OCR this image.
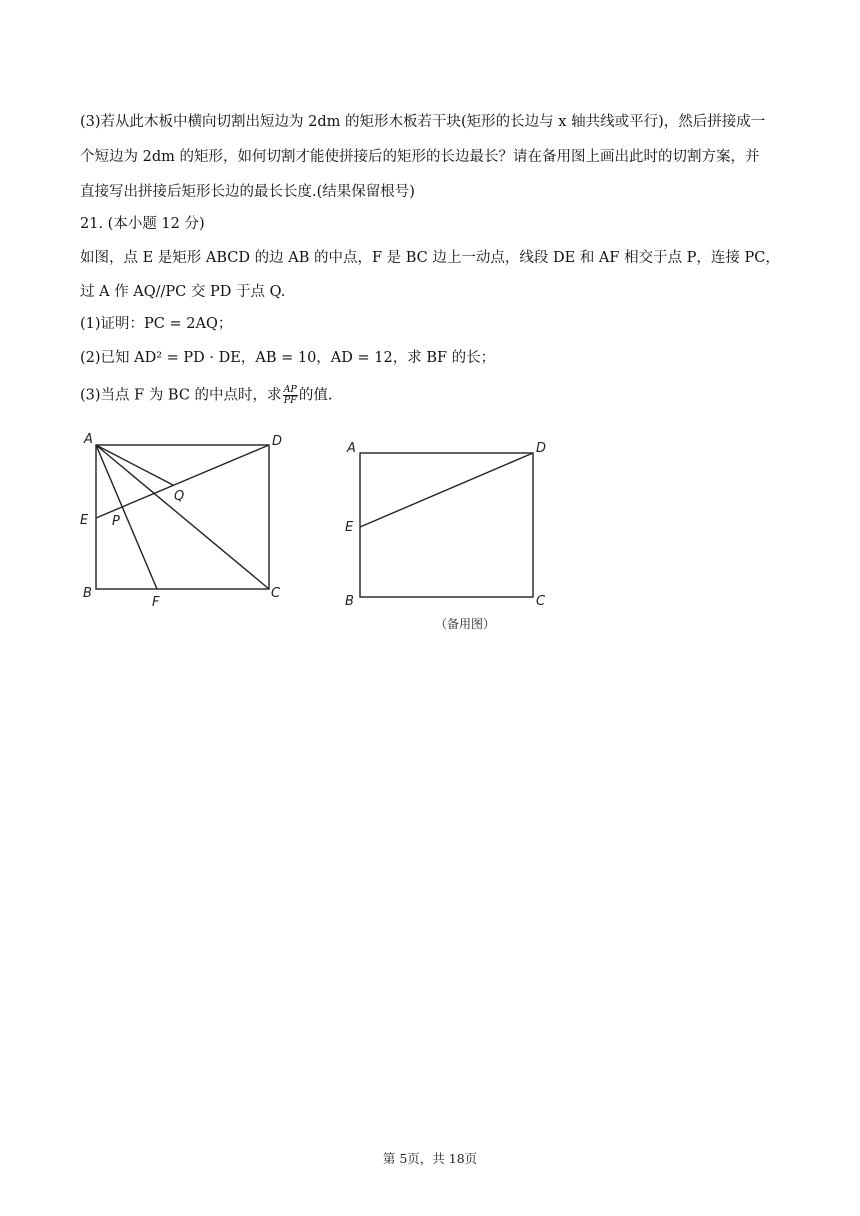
(3)若从此木板中横向切割出短边为 2dm 的矩形木板若干块(矩形的长边与 x 轴共线或平行)，然后拼接成一
个短边为 2dm 的矩形，如何切割才能使拼接后的矩形的长边最长？请在备用图上画出此时的切割方案，并
直接写出拼接后矩形长边的最长长度.(结果保留根号)
21. (本小题 12 分)
如图，点 E 是矩形 ABCD 的边 AB 的中点，F 是 BC 边上一动点，线段 DE 和 AF 相交于点 P，连接 PC，
过 A 作 AQ//PC 交 PD 于点 Q.
(1)证明：PC = 2AQ；
(2)已知 AD² = PD · DE，AB = 10，AD = 12，求 BF 的长；
(3)当点 F 为 BC 的中点时，求 $\frac{AP}{PF}$ 的值.
A	D
E
B	C
F
P
Q
A	D
E
B	C
（备用图）
第 5页，共 18页
